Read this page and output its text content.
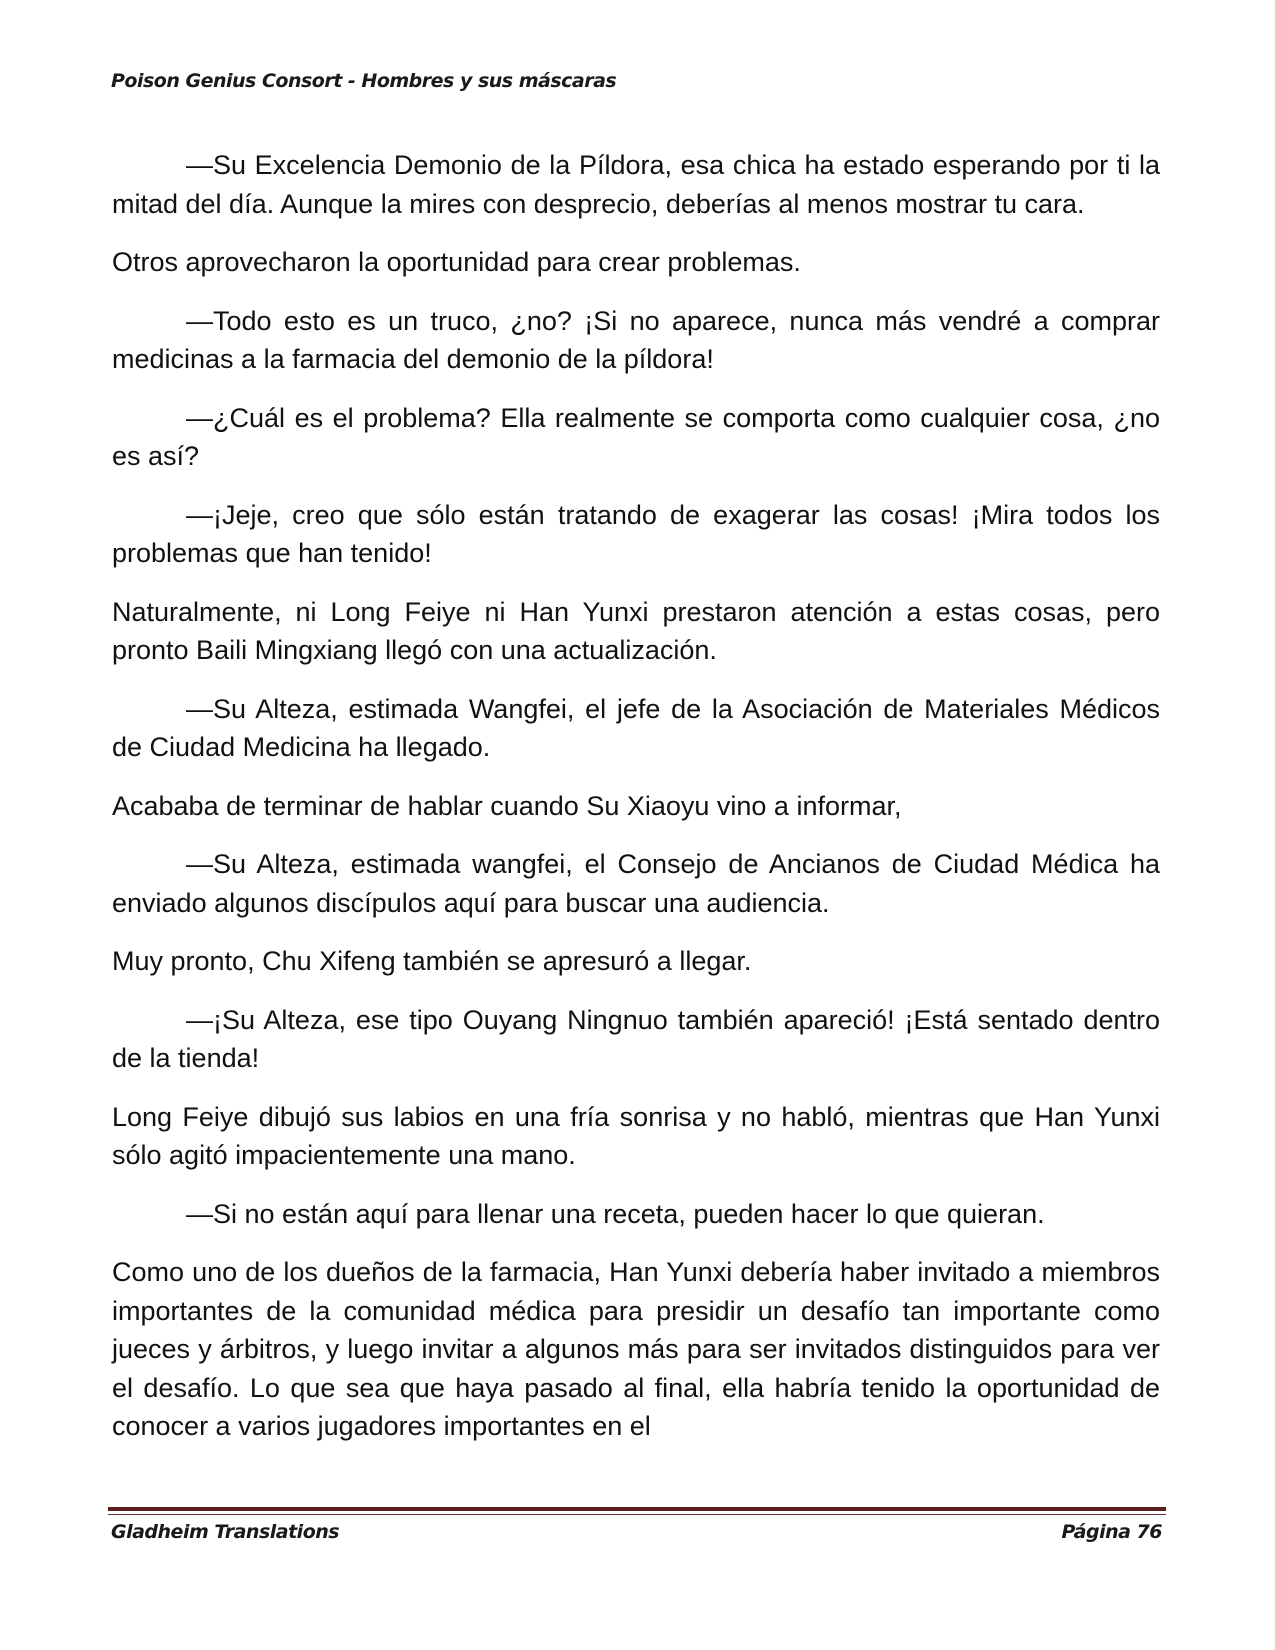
Poison Genius Consort - Hombres y sus máscaras

—Su Excelencia Demonio de la Píldora, esa chica ha estado esperando por ti la mitad del día. Aunque la mires con desprecio, deberías al menos mostrar tu cara.

Otros aprovecharon la oportunidad para crear problemas.

—Todo esto es un truco, ¿no? ¡Si no aparece, nunca más vendré a comprar medicinas a la farmacia del demonio de la píldora!

—¿Cuál es el problema? Ella realmente se comporta como cualquier cosa, ¿no es así?

—¡Jeje, creo que sólo están tratando de exagerar las cosas! ¡Mira todos los problemas que han tenido!

Naturalmente, ni Long Feiye ni Han Yunxi prestaron atención a estas cosas, pero pronto Baili Mingxiang llegó con una actualización.

—Su Alteza, estimada Wangfei, el jefe de la Asociación de Materiales Médicos de Ciudad Medicina ha llegado.

Acababa de terminar de hablar cuando Su Xiaoyu vino a informar,

—Su Alteza, estimada wangfei, el Consejo de Ancianos de Ciudad Médica ha enviado algunos discípulos aquí para buscar una audiencia.

Muy pronto, Chu Xifeng también se apresuró a llegar.

—¡Su Alteza, ese tipo Ouyang Ningnuo también apareció! ¡Está sentado dentro de la tienda!

Long Feiye dibujó sus labios en una fría sonrisa y no habló, mientras que Han Yunxi sólo agitó impacientemente una mano.

—Si no están aquí para llenar una receta, pueden hacer lo que quieran.

Como uno de los dueños de la farmacia, Han Yunxi debería haber invitado a miembros importantes de la comunidad médica para presidir un desafío tan importante como jueces y árbitros, y luego invitar a algunos más para ser invitados distinguidos para ver el desafío. Lo que sea que haya pasado al final, ella habría tenido la oportunidad de conocer a varios jugadores importantes en el

Gladheim Translations	Página 76
